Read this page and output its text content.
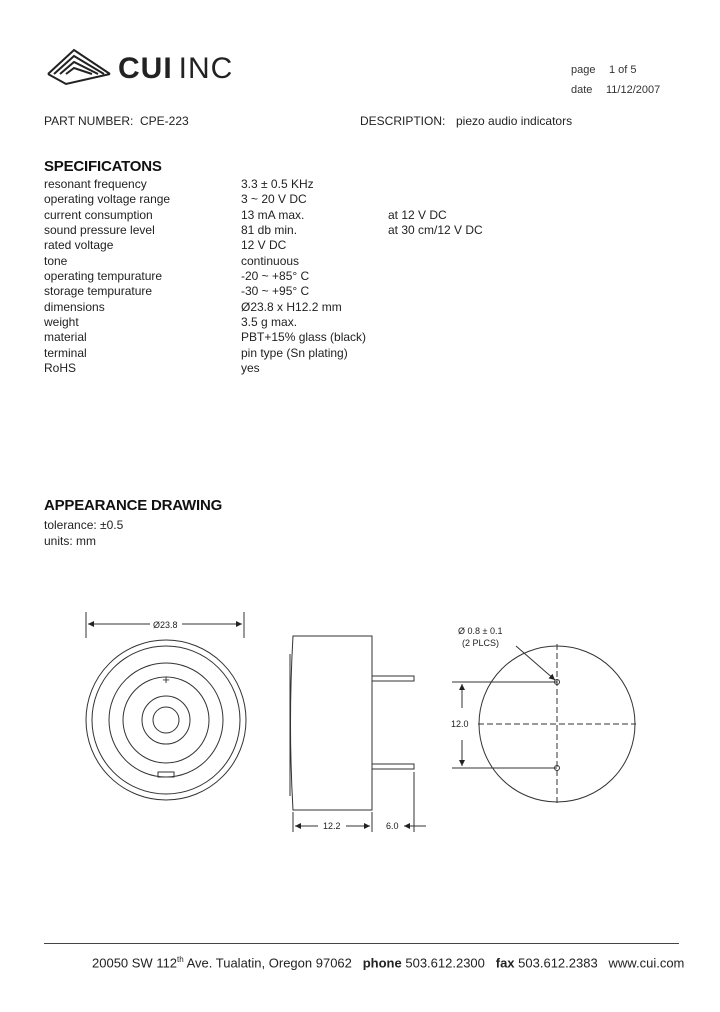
CUI INC	page 1 of 5
date 11/12/2007
PART NUMBER: CPE-223	DESCRIPTION: piezo audio indicators
SPECIFICATONS
resonant frequency	3.3 ± 0.5 KHz
operating voltage range	3 ~ 20 V DC
current consumption	13 mA max.	at 12 V DC
sound pressure level	81 db min.	at 30 cm/12 V DC
rated voltage	12 V DC
tone	continuous
operating tempurature	-20 ~ +85° C
storage tempurature	-30 ~ +95° C
dimensions	Ø23.8 x H12.2 mm
weight	3.5 g max.
material	PBT+15% glass (black)
terminal	pin type (Sn plating)
RoHS	yes
APPEARANCE DRAWING
tolerance: ±0.5
units: mm
Ø23.8
+
12.2	6.0
12.0
Ø 0.8 ± 0.1
(2 PLCS)
20050 SW 112th Ave. Tualatin, Oregon 97062 phone 503.612.2300 fax 503.612.2383 www.cui.com
